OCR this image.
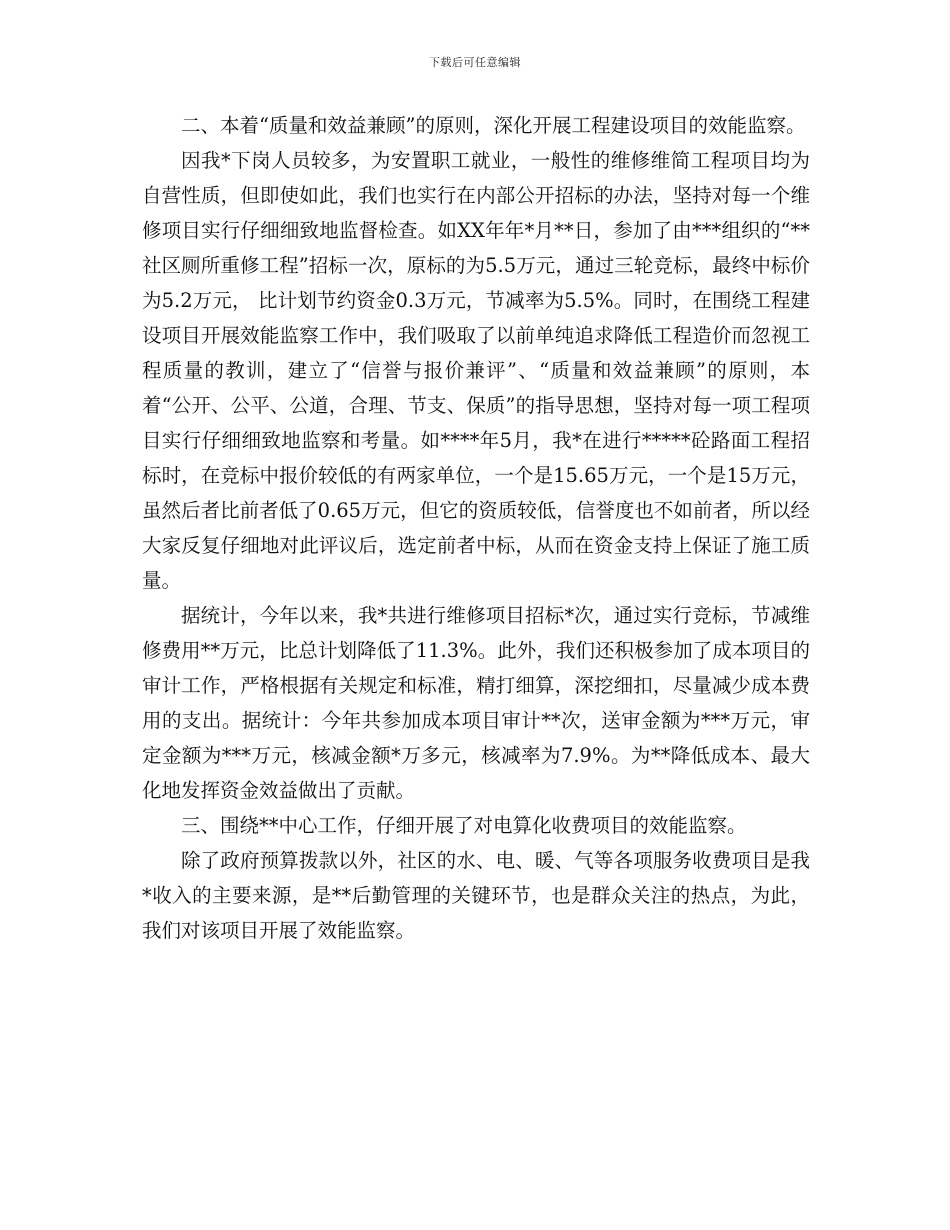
下载后可任意编辑

二、本着“质量和效益兼顾”的原则，深化开展工程建设项目的效能监察。

因我*下岗人员较多，为安置职工就业，一般性的维修维简工程项目均为自营性质，但即使如此，我们也实行在内部公开招标的办法，坚持对每一个维修项目实行仔细细致地监督检查。如XX年年*月**日，参加了由***组织的“**社区厕所重修工程”招标一次，原标的为5.5万元，通过三轮竞标，最终中标价为5.2万元， 比计划节约资金0.3万元，节减率为5.5%。同时，在围绕工程建设项目开展效能监察工作中，我们吸取了以前单纯追求降低工程造价而忽视工程质量的教训，建立了“信誉与报价兼评”、“质量和效益兼顾”的原则，本着“公开、公平、公道，合理、节支、保质”的指导思想，坚持对每一项工程项目实行仔细细致地监察和考量。如****年5月，我*在进行*****砼路面工程招标时，在竞标中报价较低的有两家单位，一个是15.65万元，一个是15万元，虽然后者比前者低了0.65万元，但它的资质较低，信誉度也不如前者，所以经大家反复仔细地对此评议后，选定前者中标，从而在资金支持上保证了施工质量。

据统计，今年以来，我*共进行维修项目招标*次，通过实行竞标，节减维修费用**万元，比总计划降低了11.3%。此外，我们还积极参加了成本项目的审计工作，严格根据有关规定和标准，精打细算，深挖细扣，尽量减少成本费用的支出。据统计：今年共参加成本项目审计**次，送审金额为***万元，审定金额为***万元，核减金额*万多元，核减率为7.9%。为**降低成本、最大化地发挥资金效益做出了贡献。

三、围绕**中心工作，仔细开展了对电算化收费项目的效能监察。

除了政府预算拨款以外，社区的水、电、暖、气等各项服务收费项目是我*收入的主要来源，是**后勤管理的关键环节，也是群众关注的热点，为此，我们对该项目开展了效能监察。
